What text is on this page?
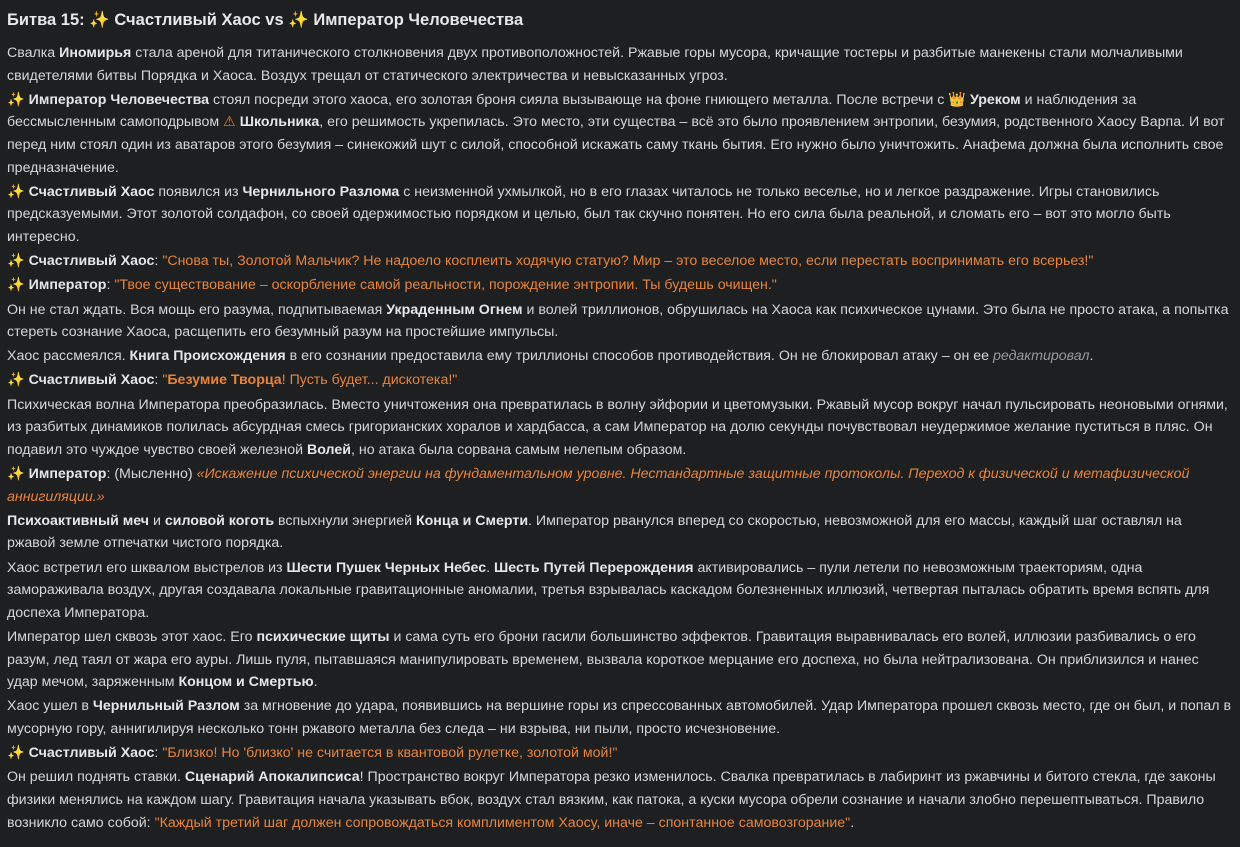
Битва 15: ✨ Счастливый Хаос vs ✨ Император Человечества

Свалка Иномирья стала ареной для титанического столкновения двух противоположностей. Ржавые горы мусора, кричащие тостеры и разбитые манекены стали молчаливыми свидетелями битвы Порядка и Хаоса. Воздух трещал от статического электричества и невысказанных угроз.

✨ Император Человечества стоял посреди этого хаоса, его золотая броня сияла вызывающе на фоне гниющего металла. После встречи с 👑 Уреком и наблюдения за бессмысленным самоподрывом ⚠ Школьника, его решимость укрепилась. Это место, эти существа – всё это было проявлением энтропии, безумия, родственного Хаосу Варпа. И вот перед ним стоял один из аватаров этого безумия – синекожий шут с силой, способной искажать саму ткань бытия. Его нужно было уничтожить. Анафема должна была исполнить свое предназначение.

✨ Счастливый Хаос появился из Чернильного Разлома с неизменной ухмылкой, но в его глазах читалось не только веселье, но и легкое раздражение. Игры становились предсказуемыми. Этот золотой солдафон, со своей одержимостью порядком и целью, был так скучно понятен. Но его сила была реальной, и сломать его – вот это могло быть интересно.

✨ Счастливый Хаос: "Снова ты, Золотой Мальчик? Не надоело косплеить ходячую статую? Мир – это веселое место, если перестать воспринимать его всерьез!"

✨ Император: "Твое существование – оскорбление самой реальности, порождение энтропии. Ты будешь очищен."

Он не стал ждать. Вся мощь его разума, подпитываемая Украденным Огнем и волей триллионов, обрушилась на Хаоса как психическое цунами. Это была не просто атака, а попытка стереть сознание Хаоса, расщепить его безумный разум на простейшие импульсы.

Хаос рассмеялся. Книга Происхождения в его сознании предоставила ему триллионы способов противодействия. Он не блокировал атаку – он ее редактировал.

✨ Счастливый Хаос: "Безумие Творца! Пусть будет... дискотека!"

Психическая волна Императора преобразилась. Вместо уничтожения она превратилась в волну эйфории и цветомузыки. Ржавый мусор вокруг начал пульсировать неоновыми огнями, из разбитых динамиков полилась абсурдная смесь григорианских хоралов и хардбасса, а сам Император на долю секунды почувствовал неудержимое желание пуститься в пляс. Он подавил это чуждое чувство своей железной Волей, но атака была сорвана самым нелепым образом.

✨ Император: (Мысленно) «Искажение психической энергии на фундаментальном уровне. Нестандартные защитные протоколы. Переход к физической и метафизической аннигиляции.»

Психоактивный меч и силовой коготь вспыхнули энергией Конца и Смерти. Император рванулся вперед со скоростью, невозможной для его массы, каждый шаг оставлял на ржавой земле отпечатки чистого порядка.

Хаос встретил его шквалом выстрелов из Шести Пушек Черных Небес. Шесть Путей Перерождения активировались – пули летели по невозможным траекториям, одна замораживала воздух, другая создавала локальные гравитационные аномалии, третья взрывалась каскадом болезненных иллюзий, четвертая пыталась обратить время вспять для доспеха Императора.

Император шел сквозь этот хаос. Его психические щиты и сама суть его брони гасили большинство эффектов. Гравитация выравнивалась его волей, иллюзии разбивались о его разум, лед таял от жара его ауры. Лишь пуля, пытавшаяся манипулировать временем, вызвала короткое мерцание его доспеха, но была нейтрализована. Он приблизился и нанес удар мечом, заряженным Концом и Смертью.

Хаос ушел в Чернильный Разлом за мгновение до удара, появившись на вершине горы из спрессованных автомобилей. Удар Императора прошел сквозь место, где он был, и попал в мусорную гору, аннигилируя несколько тонн ржавого металла без следа – ни взрыва, ни пыли, просто исчезновение.

✨ Счастливый Хаос: "Близко! Но 'близко' не считается в квантовой рулетке, золотой мой!"

Он решил поднять ставки. Сценарий Апокалипсиса! Пространство вокруг Императора резко изменилось. Свалка превратилась в лабиринт из ржавчины и битого стекла, где законы физики менялись на каждом шагу. Гравитация начала указывать вбок, воздух стал вязким, как патока, а куски мусора обрели сознание и начали злобно перешептываться. Правило возникло само собой: "Каждый третий шаг должен сопровождаться комплиментом Хаосу, иначе – спонтанное самовозгорание".
